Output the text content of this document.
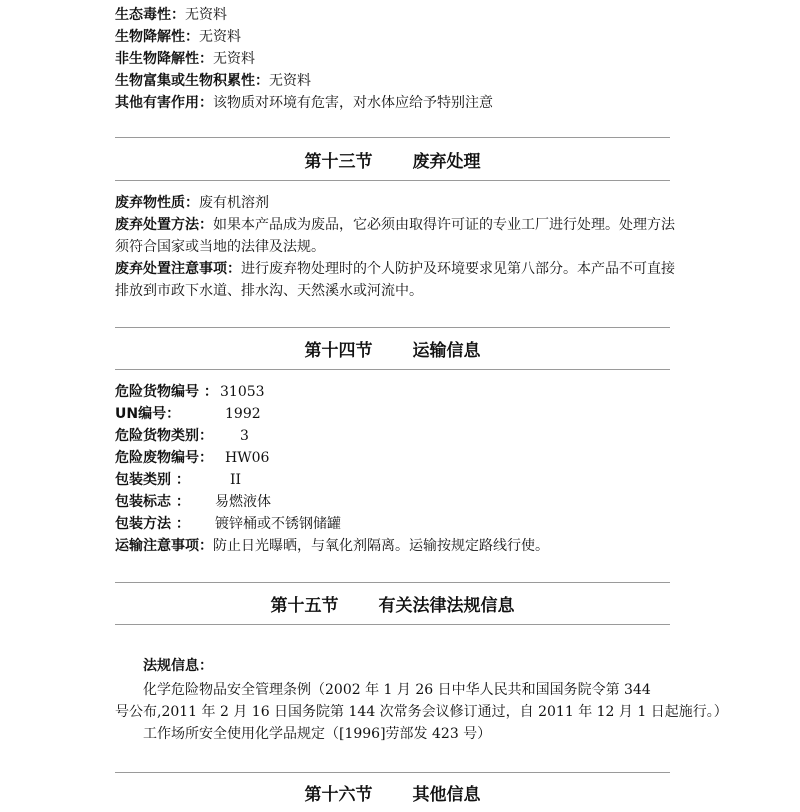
生态毒性：无资料
生物降解性：无资料
非生物降解性：无资料
生物富集或生物积累性：无资料
其他有害作用：该物质对环境有危害，对水体应给予特别注意
第十三节 废弃处理
废弃物性质：废有机溶剂
废弃处置方法：如果本产品成为废品，它必须由取得许可证的专业工厂进行处理。处理方法
须符合国家或当地的法律及法规。
废弃处置注意事项：进行废弃物处理时的个人防护及环境要求见第八部分。本产品不可直接
排放到市政下水道、排水沟、天然溪水或河流中。
第十四节 运输信息
危险货物编号 ： 31053
UN编号：	1992
危险货物类别： 3
危险废物编号： HW06
包装类别 ：	II
包装标志 ： 易燃液体
包装方法 ： 镀锌桶或不锈钢储罐
运输注意事项：防止日光曝晒，与氧化剂隔离。运输按规定路线行使。
第十五节 有关法律法规信息
法规信息：
化学危险物品安全管理条例（2002 年 1 月 26 日中华人民共和国国务院令第 344
号公布,2011 年 2 月 16 日国务院第 144 次常务会议修订通过，自 2011 年 12 月 1 日起施行。）
工作场所安全使用化学品规定（[1996]劳部发 423 号）
第十六节 其他信息
